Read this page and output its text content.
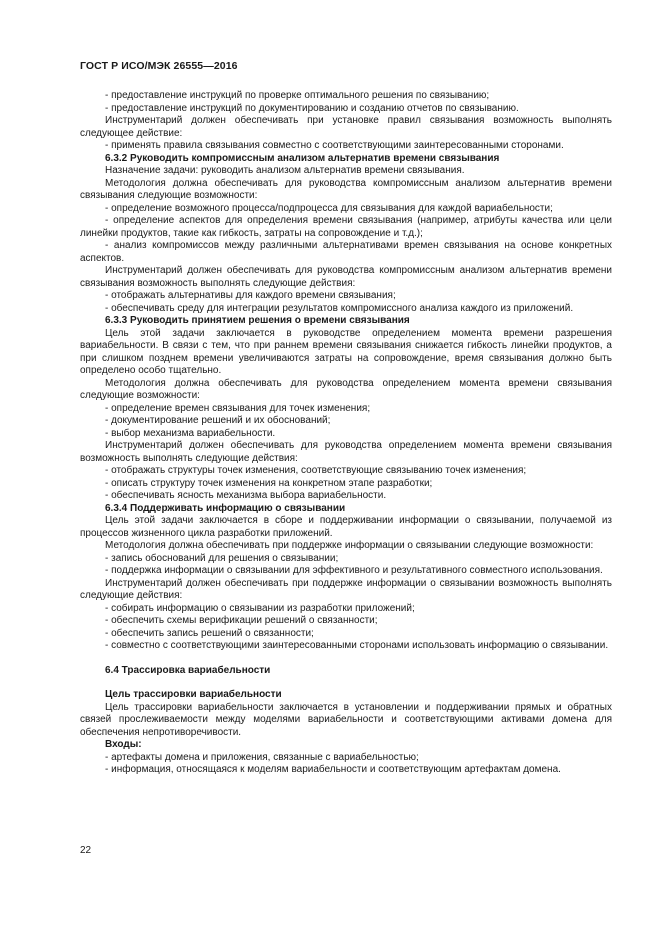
ГОСТ Р ИСО/МЭК 26555—2016

- предоставление инструкций по проверке оптимального решения по связыванию;

- предоставление инструкций по документированию и созданию отчетов по связыванию.

Инструментарий должен обеспечивать при установке правил связывания возможность выполнять следующее действие:

- применять правила связывания совместно с соответствующими заинтересованными сторонами.

6.3.2 Руководить компромиссным анализом альтернатив времени связывания

Назначение задачи: руководить анализом альтернатив времени связывания.

Методология должна обеспечивать для руководства компромиссным анализом альтернатив времени связывания следующие возможности:

- определение возможного процесса/подпроцесса для связывания для каждой вариабельности;

- определение аспектов для определения времени связывания (например, атрибуты качества или цели линейки продуктов, такие как гибкость, затраты на сопровождение и т.д.);

- анализ компромиссов между различными альтернативами времен связывания на основе конкретных аспектов.

Инструментарий должен обеспечивать для руководства компромиссным анализом альтернатив времени связывания возможность выполнять следующие действия:

- отображать альтернативы для каждого времени связывания;

- обеспечивать среду для интеграции результатов компромиссного анализа каждого из приложений.

6.3.3 Руководить принятием решения о времени связывания

Цель этой задачи заключается в руководстве определением момента времени разрешения вариабельности. В связи с тем, что при раннем времени связывания снижается гибкость линейки продуктов, а при слишком позднем времени увеличиваются затраты на сопровождение, время связывания должно быть определено особо тщательно.

Методология должна обеспечивать для руководства определением момента времени связывания следующие возможности:

- определение времен связывания для точек изменения;

- документирование решений и их обоснований;

- выбор механизма вариабельности.

Инструментарий должен обеспечивать для руководства определением момента времени связывания возможность выполнять следующие действия:

- отображать структуры точек изменения, соответствующие связыванию точек изменения;

- описать структуру точек изменения на конкретном этапе разработки;

- обеспечивать ясность механизма выбора вариабельности.

6.3.4 Поддерживать информацию о связывании

Цель этой задачи заключается в сборе и поддерживании информации о связывании, получаемой из процессов жизненного цикла разработки приложений.

Методология должна обеспечивать при поддержке информации о связывании следующие возможности:

- запись обоснований для решения о связывании;

- поддержка информации о связывании для эффективного и результативного совместного использования.

Инструментарий должен обеспечивать при поддержке информации о связывании возможность выполнять следующие действия:

- собирать информацию о связывании из разработки приложений;

- обеспечить схемы верификации решений о связанности;

- обеспечить запись решений о связанности;

- совместно с соответствующими заинтересованными сторонами использовать информацию о связывании.

6.4 Трассировка вариабельности

Цель трассировки вариабельности

Цель трассировки вариабельности заключается в установлении и поддерживании прямых и обратных связей прослеживаемости между моделями вариабельности и соответствующими активами домена для обеспечения непротиворечивости.

Входы:

- артефакты домена и приложения, связанные с вариабельностью;

- информация, относящаяся к моделям вариабельности и соответствующим артефактам домена.

22
